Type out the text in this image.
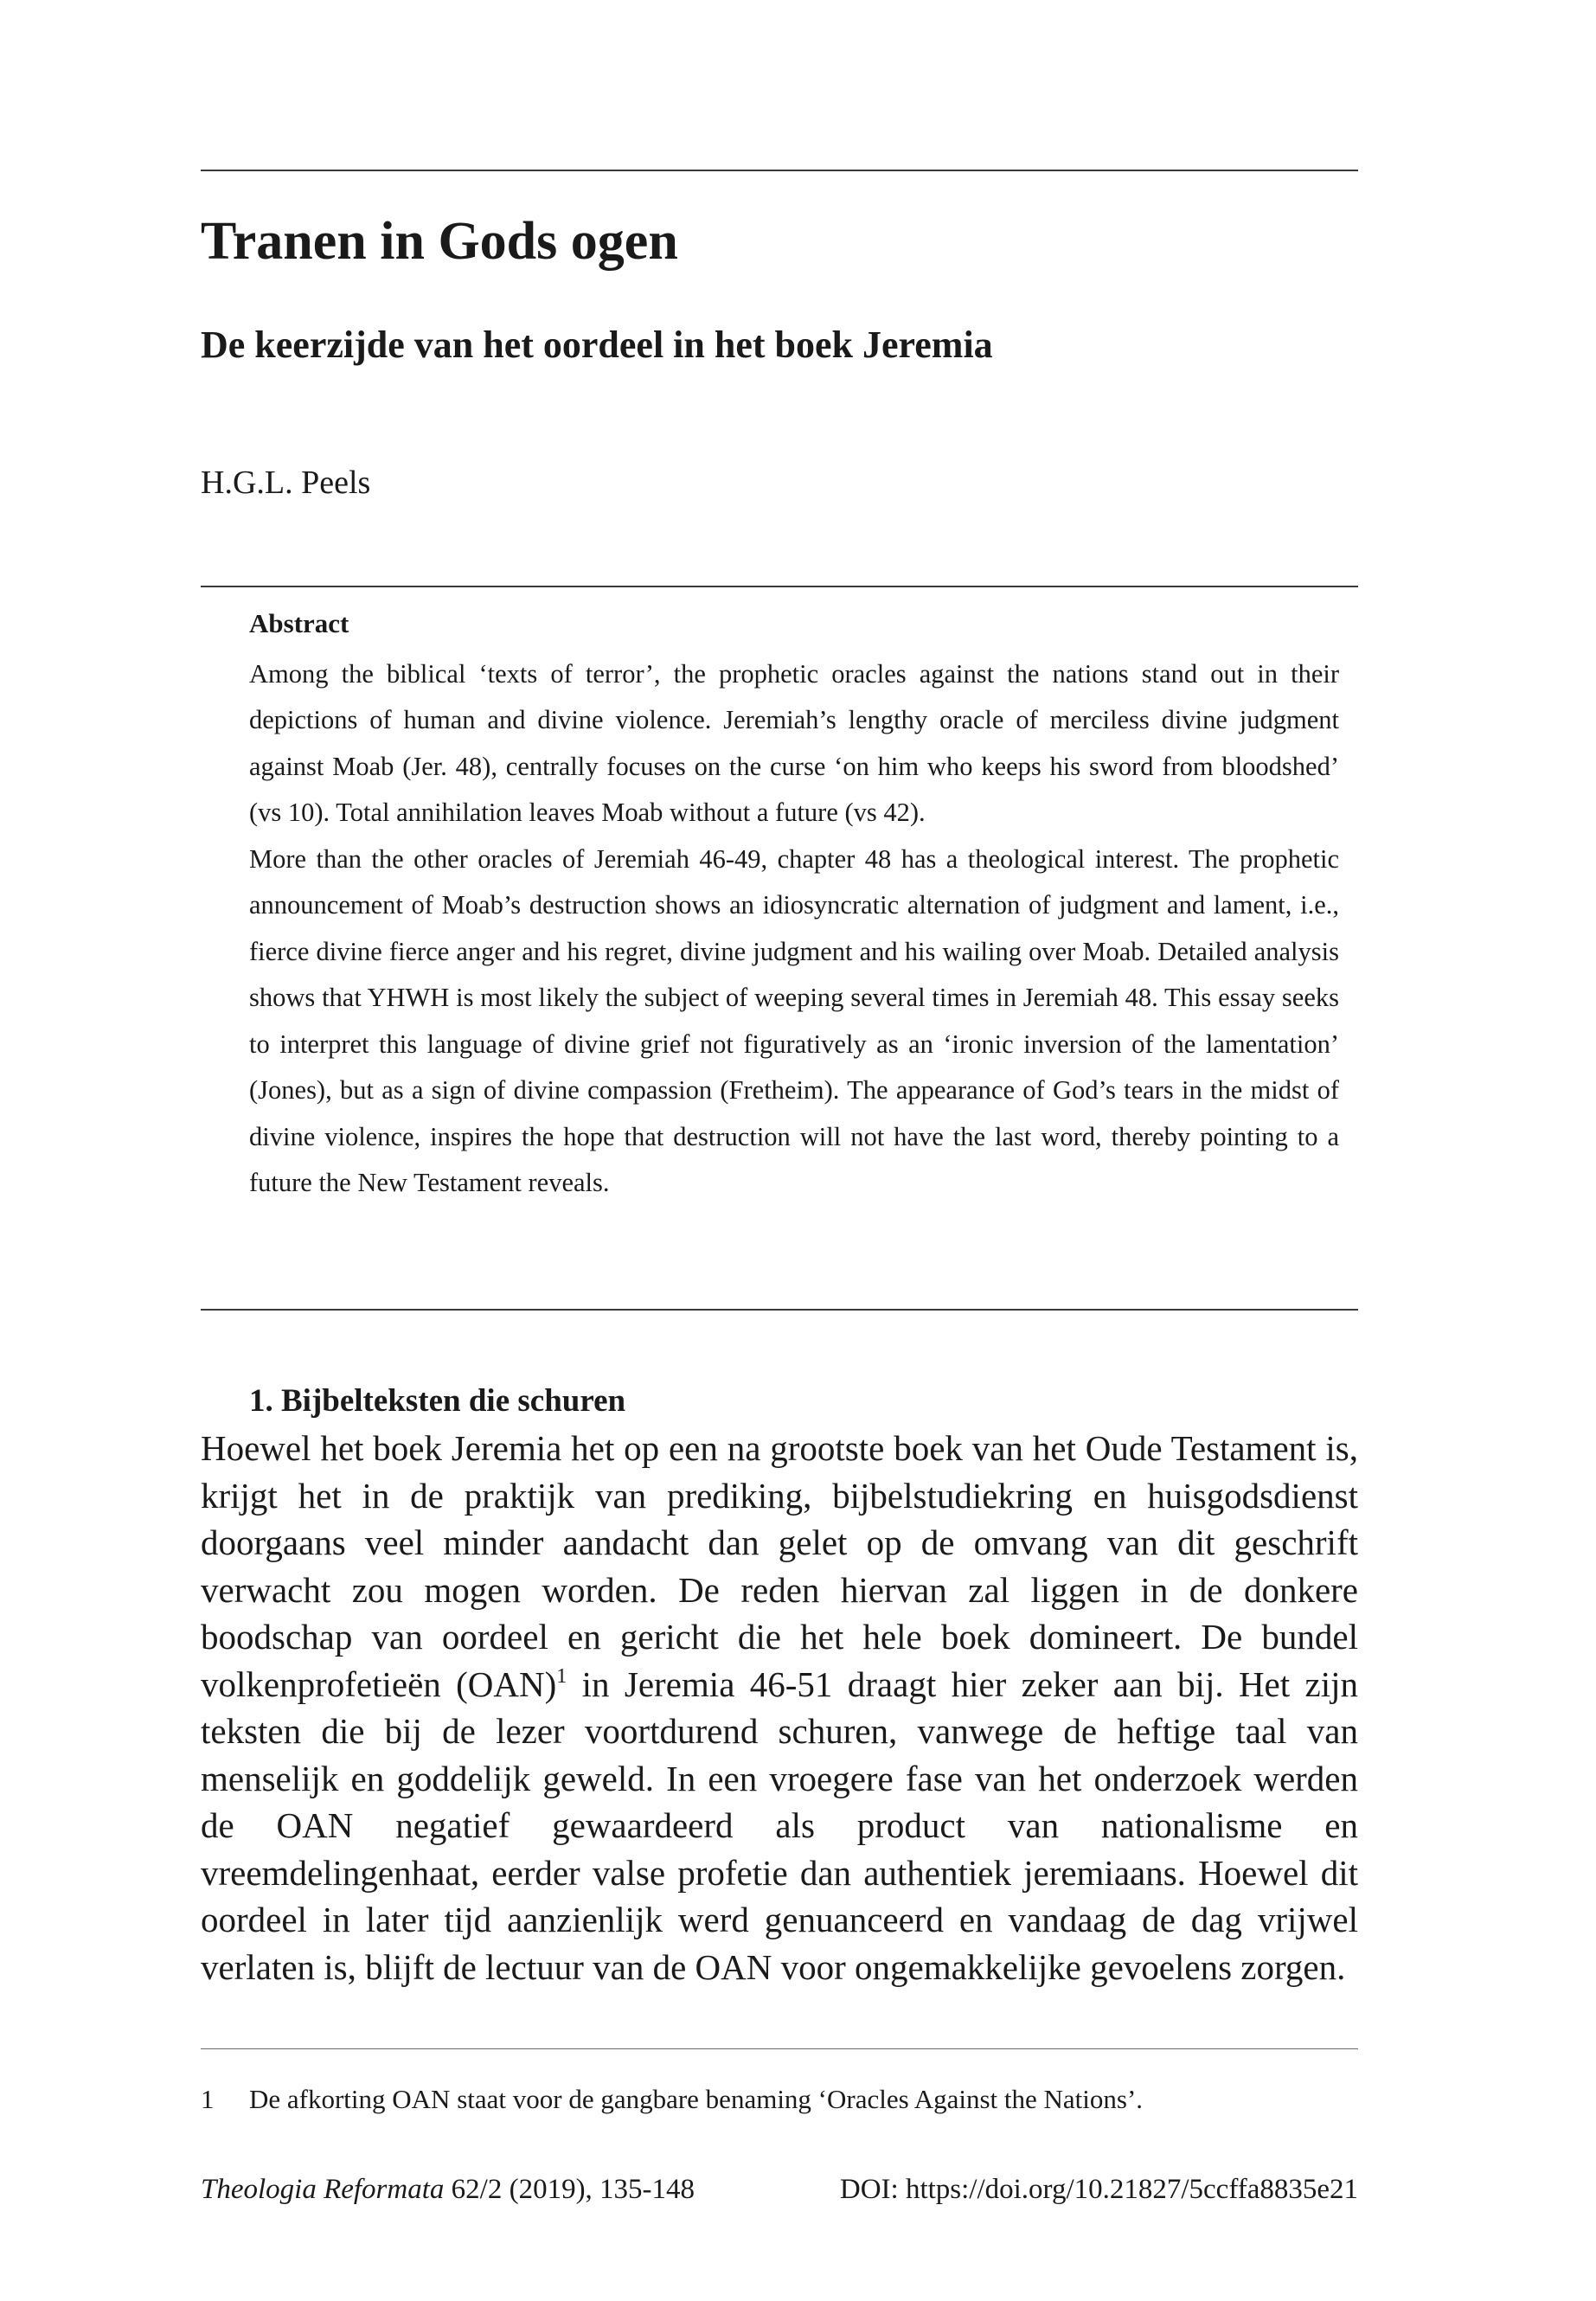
Tranen in Gods ogen
De keerzijde van het oordeel in het boek Jeremia
H.G.L. Peels
Abstract

Among the biblical ‘texts of terror’, the prophetic oracles against the nations stand out in their depictions of human and divine violence. Jeremiah’s lengthy oracle of merciless divine judgment against Moab (Jer. 48), centrally focuses on the curse ‘on him who keeps his sword from bloodshed’ (vs 10). Total annihilation leaves Moab without a future (vs 42).

More than the other oracles of Jeremiah 46-49, chapter 48 has a theological interest. The prophetic announcement of Moab’s destruction shows an idiosyncratic alternation of judgment and lament, i.e., fierce divine fierce anger and his regret, divine judgment and his wailing over Moab. Detailed analysis shows that YHWH is most likely the subject of weeping several times in Jeremiah 48. This essay seeks to interpret this language of divine grief not figuratively as an ‘ironic inversion of the lamentation’ (Jones), but as a sign of divine compassion (Fretheim). The appearance of God’s tears in the midst of divine violence, inspires the hope that destruction will not have the last word, thereby pointing to a future the New Testament reveals.

1. Bijbelteksten die schuren

Hoewel het boek Jeremia het op een na grootste boek van het Oude Testament is, krijgt het in de praktijk van prediking, bijbelstudiekring en huisgodsdienst doorgaans veel minder aandacht dan gelet op de omvang van dit geschrift verwacht zou mogen worden. De reden hiervan zal liggen in de donkere boodschap van oordeel en gericht die het hele boek domineert. De bundel volkenprofetieën (OAN)$^1$ in Jeremia 46-51 draagt hier zeker aan bij. Het zijn teksten die bij de lezer voortdurend schuren, vanwege de heftige taal van menselijk en goddelijk geweld. In een vroegere fase van het onderzoek werden de OAN negatief gewaardeerd als product van nationalisme en vreemdelingenhaat, eerder valse profetie dan authentiek jeremiaans. Hoewel dit oordeel in later tijd aanzienlijk werd genuanceerd en vandaag de dag vrijwel verlaten is, blijft de lectuur van de OAN voor ongemakkelijke gevoelens zorgen.

1 De afkorting OAN staat voor de gangbare benaming ‘Oracles Against the Nations’.
Theologia Reformata 62/2 (2019), 135-148	DOI: https://doi.org/10.21827/5ccffa8835e21
